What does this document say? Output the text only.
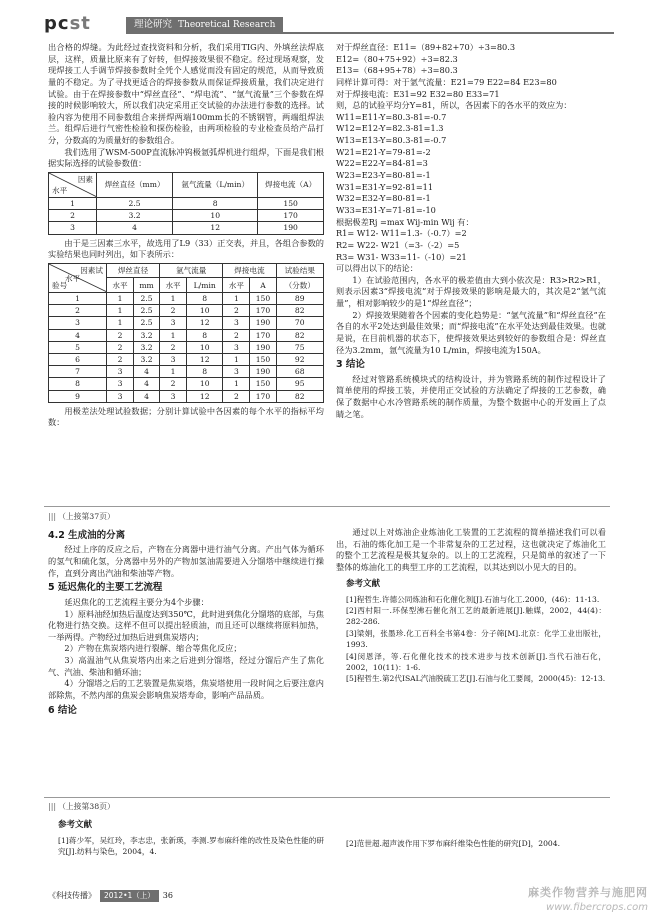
pcst	理论研究 Theoretical Research

出合格的焊缝。为此经过查找资料和分析，我们采用TIG内、外填丝法焊底层，这样，质量比原来有了好转，但焊接效果很不稳定。经过现场观察，发现焊接工人手调节焊接参数时全凭个人感觉而没有固定的规范，从而导致质量的不稳定。为了寻找更适合的焊接参数从而保证焊接质量，我们决定进行试验。由于在焊接参数中“焊丝直径”、“焊电流”、“氩气流量”三个参数在焊接的时候影响较大，所以我们决定采用正交试验的办法进行参数的选择。试验内容为使用不同参数组合来拼焊两端100mm长的不锈钢管，两端组焊法兰。组焊后进行气密性检验和探伤检验，由两项检验的专业检查员给产品打分，分数高的为质量好的参数组合。

我们选用了WSM-500P直流脉冲钨极氩弧焊机进行组焊，下面是我们根据实际选择的试验参数值：

因素
水平	焊丝直径（mm）	氩气流量（L/min）	焊接电流（A）
1	2.5	8	150
2	3.2	10	170
3	4	12	190

由于是三因素三水平，故选用了L9（33）正交表，并且，各组合参数的实验结果也同时列出，如下表所示：

因素试
水平
验号	焊丝直径		氩气流量		焊接电流		试验结果
	水平	mm	水平	L/min	水平	A	（分数）
1	1	2.5	1	8	1	150	89
2	1	2.5	2	10	2	170	82
3	1	2.5	3	12	3	190	70
4	2	3.2	1	8	2	170	82
5	2	3.2	2	10	3	190	75
6	2	3.2	3	12	1	150	92
7	3	4	1	8	3	190	68
8	3	4	2	10	1	150	95
9	3	4	3	12	2	170	82

用极差法处理试验数据；分别计算试验中各因素的每个水平的指标平均数：

对于焊丝直径：E11=（89+82+70）÷3=80.3

E12=（80+75+92）÷3=82.3

E13=（68+95+78）÷3=80.3

同样计算可得：对于氩气流量：E21=79 E22=84 E23=80

对于焊接电流：E31=92 E32=80 E33=71

则，总的试验平均分Y=81，所以，各因素下的各水平的效应为：

W11=E11-Y=80.3-81=-0.7

W12=E12-Y=82.3-81=1.3

W13=E13-Y=80.3-81=-0.7

W21=E21-Y=79-81=-2

W22=E22-Y=84-81=3

W23=E23-Y=80-81=-1

W31=E31-Y=92-81=11

W32=E32-Y=80-81=-1

W33=E31-Y=71-81=-10

根据极差Rj =max Wij-min Wij 有：

R1= W12- W11=1.3-（-0.7）=2

R2= W22- W21（=3-（-2）=5

R3= W31- W33=11-（-10）=21

可以得出以下的结论：

1）在试验范围内，各水平的极差值由大到小依次是：R3>R2>R1，则表示因素3“焊接电流”对于焊接效果的影响是最大的，其次是2“氩气流量”，相对影响较少的是1“焊丝直径”；

2）焊接效果随着各个因素的变化趋势是：“氩气流量”和“焊丝直径”在各自的水平2处达到最佳效果；而“焊接电流”在水平处达到最佳效果。也就是说，在目前机器的状态下，使焊接效果达到较好的参数组合是：焊丝直径为3.2mm，氩气流量为10 L/min，焊接电流为150A。

3 结论

经过对管路系统模块式的结构设计，并为管路系统的制作过程设计了简单使用的焊接工装，并使用正交试验的方法确定了焊接的工艺参数，确保了数据中心水冷管路系统的制作质量，为整个数据中心的开发画上了点睛之笔。

||| （上接第37页）
4.2 生成油的分离

经过上序的反应之后，产物在分离器中进行油气分离。产出气体为循环的氢气和硫化氢，分离器中另外的产物加氢油需要进入分馏塔中继续进行操作，直到分离出汽油和柴油等产物。

5 延迟焦化的主要工艺流程

延迟焦化的工艺流程主要分为4个步骤：

1）原料油经加热后温度达到350℃，此时进到焦化分馏塔的底部，与焦化物进行热交换。这样不但可以提出轻质油，而且还可以继续将原料加热，一举两得。产物经过加热后进到焦炭塔内；

2）产物在焦炭塔内进行裂解、缩合等焦化反应；

3）高温油气从焦炭塔内出来之后进到分馏塔，经过分馏后产生了焦化气、汽油、柴油和循环油；

4）分馏塔之后的工艺装置是焦炭塔，焦炭塔使用一段时间之后要注意内部除焦，不然内部的焦炭会影响焦炭塔寿命，影响产品品质。

6 结论

通过以上对炼油企业炼油化工装置的工艺流程的简单描述我们可以看出，石油的炼化加工是一个非常复杂的工艺过程，这也就决定了炼油化工的整个工艺流程是极其复杂的。以上的工艺流程，只是简单的叙述了一下整体的炼油化工的典型工序的工艺流程，以其达到以小见大的目的。

参考文献

[1]程哲生.许德公同炼油和石化催化剂[J].石油与化工.2000，(46)：11-13.

[2]西村阳一.环保型沸石催化剂工艺的最新进展[J].触媒，2002，44(4)：282-286.

[3]梁娟，张墨珍.化工百科全书第4卷：分子筛[M].北京：化学工业出版社，1993.

[4]闵恩泽，等.石化催化技术的技术进步与技术创新[J].当代石油石化，2002，10(11)：1-6.

[5]程哲生.第2代ISAL汽油脱硫工艺[J].石油与化工要闻，2000(45)：12-13.

||| （上接第38页）
参考文献

[1]蒋少军，吴红玲，李志忠，张新瑛，李测.罗布麻纤维的改性及染色性能的研究[J].纺料与染色，2004，4.

[2]范世超.超声波作用下罗布麻纤维染色性能的研究[D]，2004.

《科技传播》	2012•1（上）	36	麻类作物营养与施肥网
www.fibercrops.com
